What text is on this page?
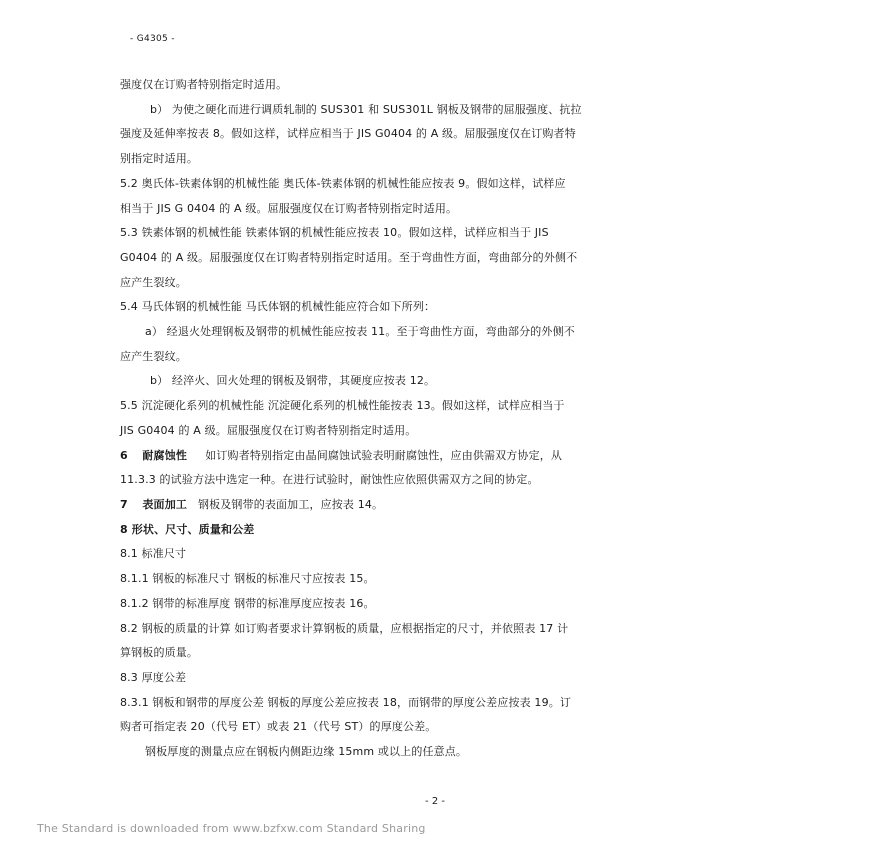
- G4305 -
强度仅在订购者特别指定时适用。
b） 为使之硬化而进行调质轧制的 SUS301 和 SUS301L 钢板及钢带的屈服强度、抗拉
强度及延伸率按表 8。假如这样，试样应相当于 JIS G0404 的 A 级。屈服强度仅在订购者特
别指定时适用。
5.2 奥氏体-铁素体钢的机械性能 奥氏体-铁素体钢的机械性能应按表 9。假如这样，试样应
相当于 JIS G 0404 的 A 级。屈服强度仅在订购者特别指定时适用。
5.3 铁素体钢的机械性能 铁素体钢的机械性能应按表 10。假如这样，试样应相当于 JIS
G0404 的 A 级。屈服强度仅在订购者特别指定时适用。至于弯曲性方面，弯曲部分的外侧不
应产生裂纹。
5.4 马氏体钢的机械性能 马氏体钢的机械性能应符合如下所列：
a） 经退火处理钢板及钢带的机械性能应按表 11。至于弯曲性方面，弯曲部分的外侧不
应产生裂纹。
b） 经淬火、回火处理的钢板及钢带，其硬度应按表 12。
5.5 沉淀硬化系列的机械性能 沉淀硬化系列的机械性能按表 13。假如这样，试样应相当于
JIS G0404 的 A 级。屈服强度仅在订购者特别指定时适用。
6 耐腐蚀性 如订购者特别指定由晶间腐蚀试验表明耐腐蚀性，应由供需双方协定，从
11.3.3 的试验方法中选定一种。在进行试验时，耐蚀性应依照供需双方之间的协定。
7 表面加工 钢板及钢带的表面加工，应按表 14。
8 形状、尺寸、质量和公差
8.1 标准尺寸
8.1.1 钢板的标准尺寸 钢板的标准尺寸应按表 15。
8.1.2 钢带的标准厚度 钢带的标准厚度应按表 16。
8.2 钢板的质量的计算 如订购者要求计算钢板的质量，应根据指定的尺寸，并依照表 17 计
算钢板的质量。
8.3 厚度公差
8.3.1 钢板和钢带的厚度公差 钢板的厚度公差应按表 18，而钢带的厚度公差应按表 19。订
购者可指定表 20（代号 ET）或表 21（代号 ST）的厚度公差。
钢板厚度的测量点应在钢板内侧距边缘 15mm 或以上的任意点。
- 2 -
The Standard is downloaded from www.bzfxw.com Standard Sharing
